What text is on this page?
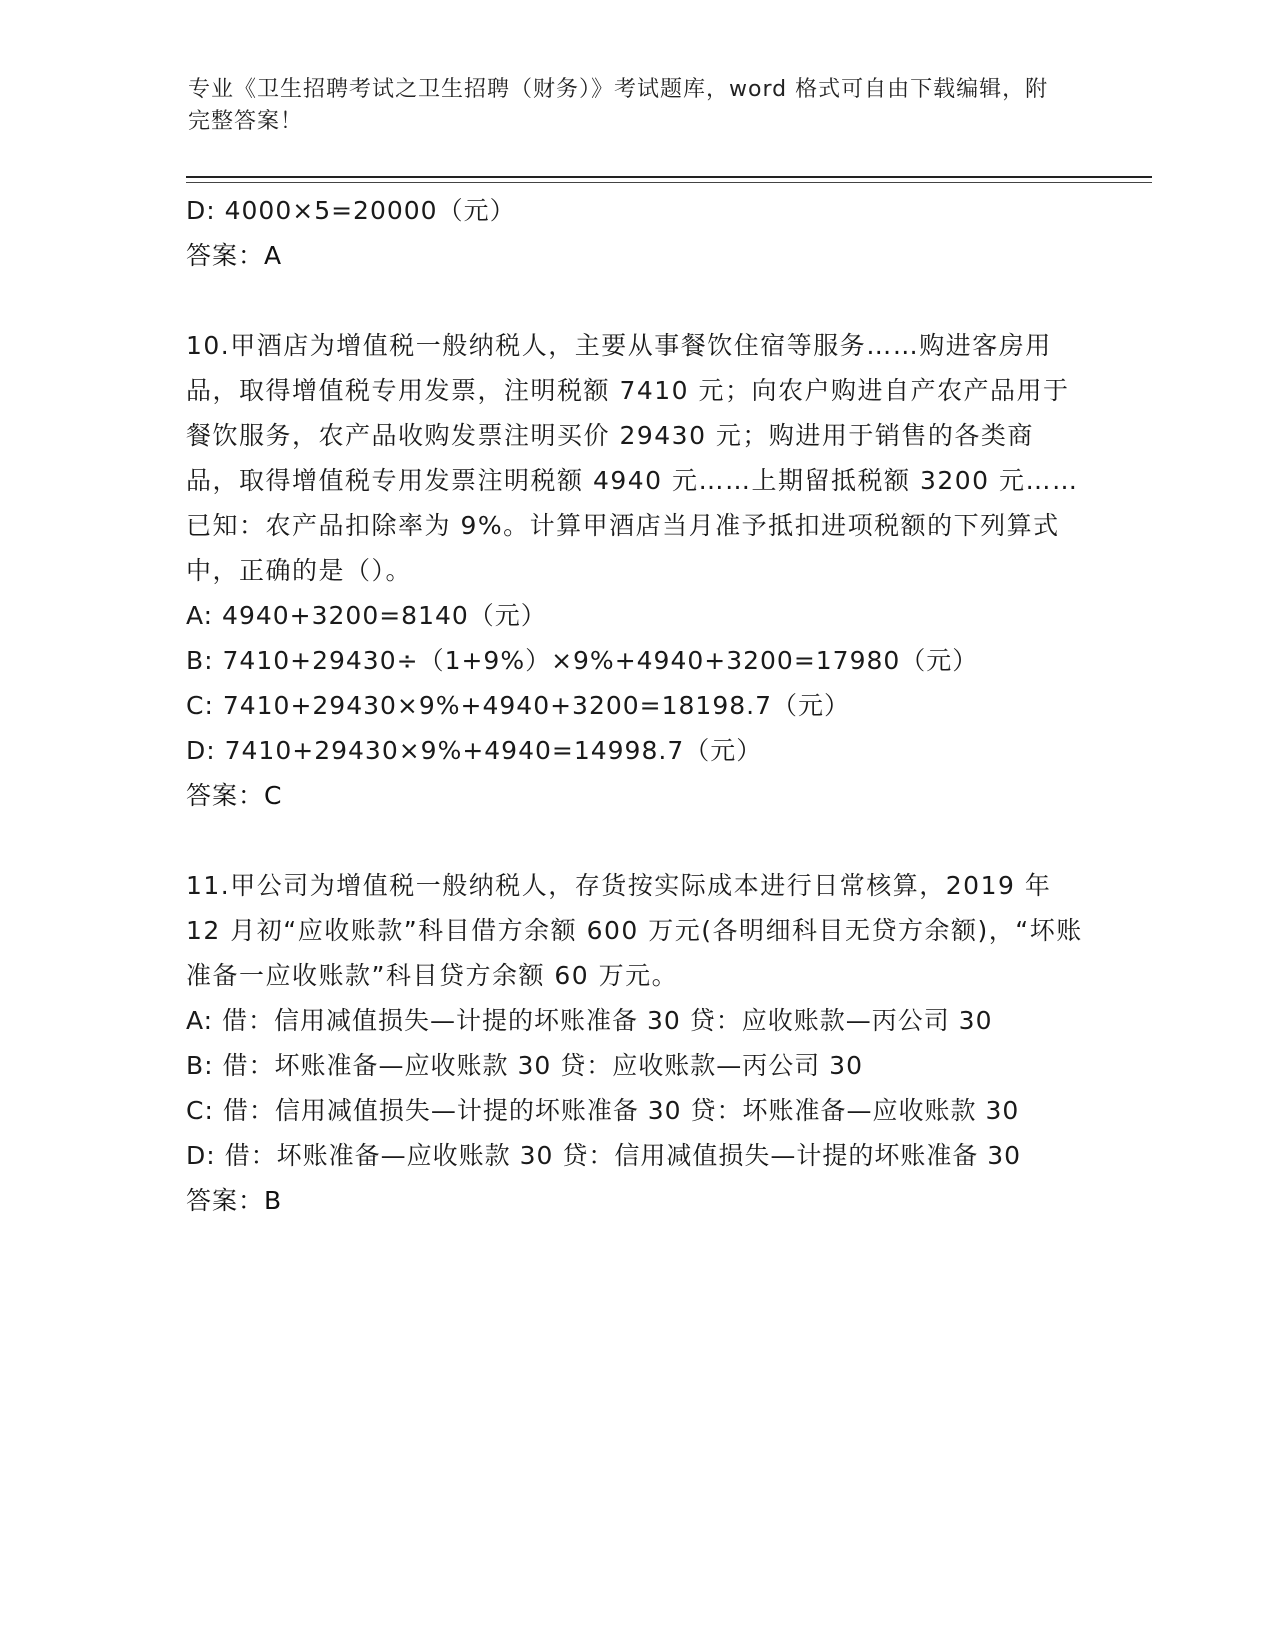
专业《卫生招聘考试之卫生招聘（财务）》考试题库，word 格式可自由下载编辑，附完整答案！
D: 4000×5=20000（元）
答案：A
10.甲酒店为增值税一般纳税人，主要从事餐饮住宿等服务……购进客房用品，取得增值税专用发票，注明税额 7410 元；向农户购进自产农产品用于餐饮服务，农产品收购发票注明买价 29430 元；购进用于销售的各类商品，取得增值税专用发票注明税额 4940 元……上期留抵税额 3200 元……已知：农产品扣除率为 9%。计算甲酒店当月准予抵扣进项税额的下列算式中，正确的是（）。
A: 4940+3200=8140（元）
B: 7410+29430÷（1+9%）×9%+4940+3200=17980（元）
C: 7410+29430×9%+4940+3200=18198.7（元）
D: 7410+29430×9%+4940=14998.7（元）
答案：C
11.甲公司为增值税一般纳税人，存货按实际成本进行日常核算，2019 年 12 月初“应收账款”科目借方余额 600 万元(各明细科目无贷方余额)，“坏账准备一应收账款”科目贷方余额 60 万元。
A: 借：信用减值损失—计提的坏账准备 30 贷：应收账款—丙公司 30
B: 借：坏账准备—应收账款 30 贷：应收账款—丙公司 30
C: 借：信用减值损失—计提的坏账准备 30 贷：坏账准备—应收账款 30
D: 借：坏账准备—应收账款 30 贷：信用减值损失—计提的坏账准备 30
答案：B
